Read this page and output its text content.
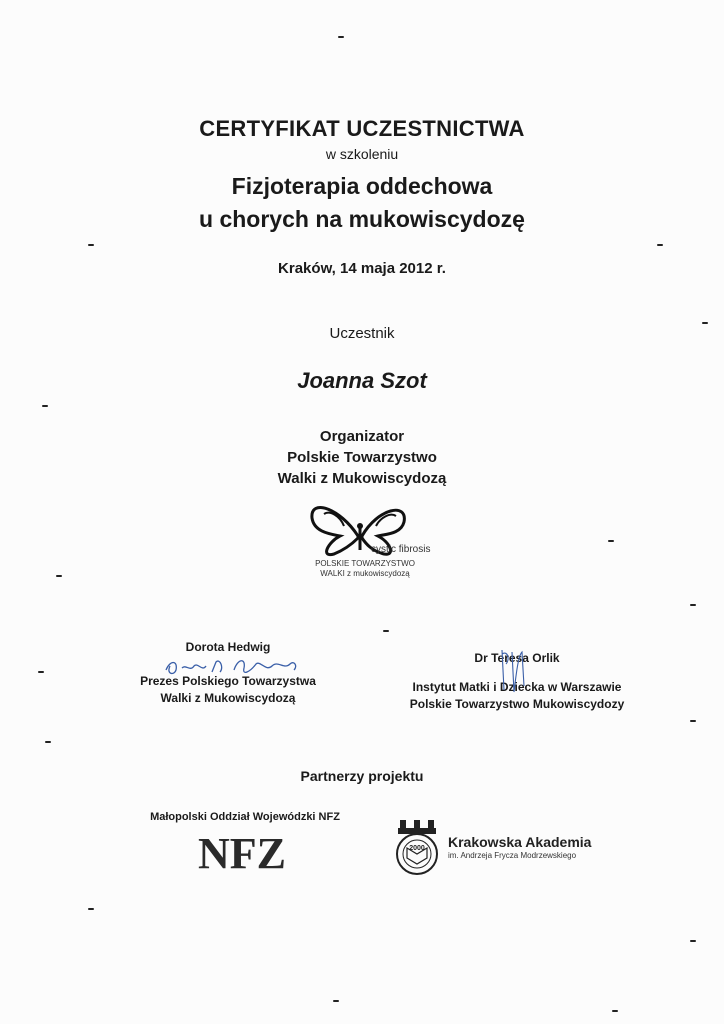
CERTYFIKAT UCZESTNICTWA
w szkoleniu
Fizjoterapia oddechowa
u chorych na mukowiscydozę
Kraków, 14 maja 2012 r.
Uczestnik
Joanna Szot
Organizator
Polskie Towarzystwo
Walki z Mukowiscydozą
cystic fibrosis
POLSKIE TOWARZYSTWO
WALKI z mukowiscydozą
Dorota Hedwig
Prezes Polskiego Towarzystwa
Walki z Mukowiscydozą
Dr Teresa Orlik
Instytut Matki i Dziecka w Warszawie
Polskie Towarzystwo Mukowiscydozy
Partnerzy projektu
Małopolski Oddział Wojewódzki NFZ
NFZ	2000 Krakowska Akademia
im. Andrzeja Frycza Modrzewskiego
